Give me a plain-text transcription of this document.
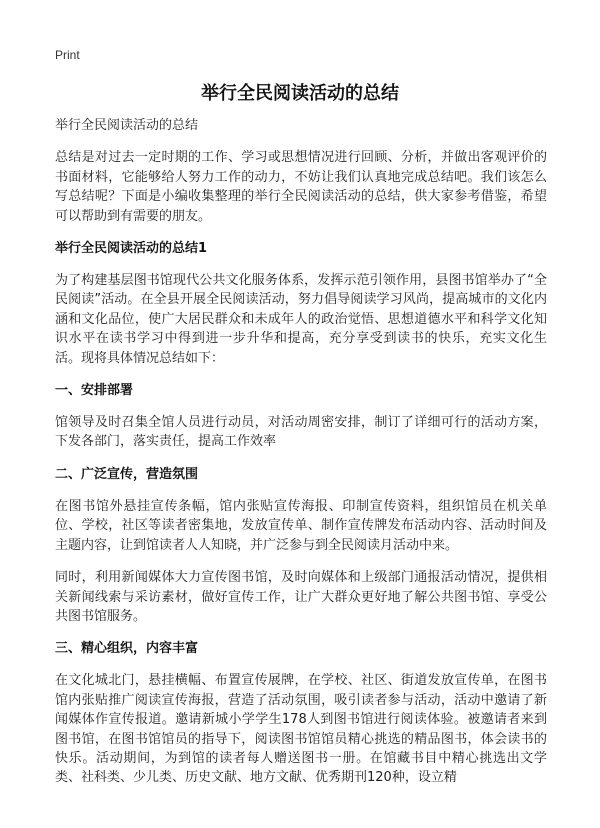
Print
举行全民阅读活动的总结

举行全民阅读活动的总结

总结是对过去一定时期的工作、学习或思想情况进行回顾、分析，并做出客观评价的书面材料，它能够给人努力工作的动力，不妨让我们认真地完成总结吧。我们该怎么写总结呢？下面是小编收集整理的举行全民阅读活动的总结，供大家参考借鉴，希望可以帮助到有需要的朋友。

举行全民阅读活动的总结1

为了构建基层图书馆现代公共文化服务体系，发挥示范引领作用，县图书馆举办了“全民阅读”活动。在全县开展全民阅读活动，努力倡导阅读学习风尚，提高城市的文化内涵和文化品位，使广大居民群众和未成年人的政治觉悟、思想道德水平和科学文化知识水平在读书学习中得到进一步升华和提高，充分享受到读书的快乐，充实文化生活。现将具体情况总结如下：

一、安排部署

馆领导及时召集全馆人员进行动员，对活动周密安排，制订了详细可行的活动方案，下发各部门，落实责任，提高工作效率

二、广泛宣传，营造氛围

在图书馆外悬挂宣传条幅，馆内张贴宣传海报、印制宣传资料，组织馆员在机关单位、学校，社区等读者密集地，发放宣传单、制作宣传牌发布活动内容、活动时间及主题内容，让到馆读者人人知晓，并广泛参与到全民阅读月活动中来。

同时，利用新闻媒体大力宣传图书馆，及时向媒体和上级部门通报活动情况，提供相关新闻线索与采访素材，做好宣传工作，让广大群众更好地了解公共图书馆、享受公共图书馆服务。

三、精心组织，内容丰富

在文化城北门，悬挂横幅、布置宣传展牌，在学校、社区、街道发放宣传单，在图书馆内张贴推广阅读宣传海报，营造了活动氛围，吸引读者参与活动，活动中邀请了新闻媒体作宣传报道。邀请新城小学学生178人到图书馆进行阅读体验。被邀请者来到图书馆，在图书馆馆员的指导下，阅读图书馆馆员精心挑选的精品图书，体会读书的快乐。活动期间，为到馆的读者每人赠送图书一册。在馆藏书目中精心挑选出文学类、社科类、少儿类、历史文献、地方文献、优秀期刊120种，设立精
